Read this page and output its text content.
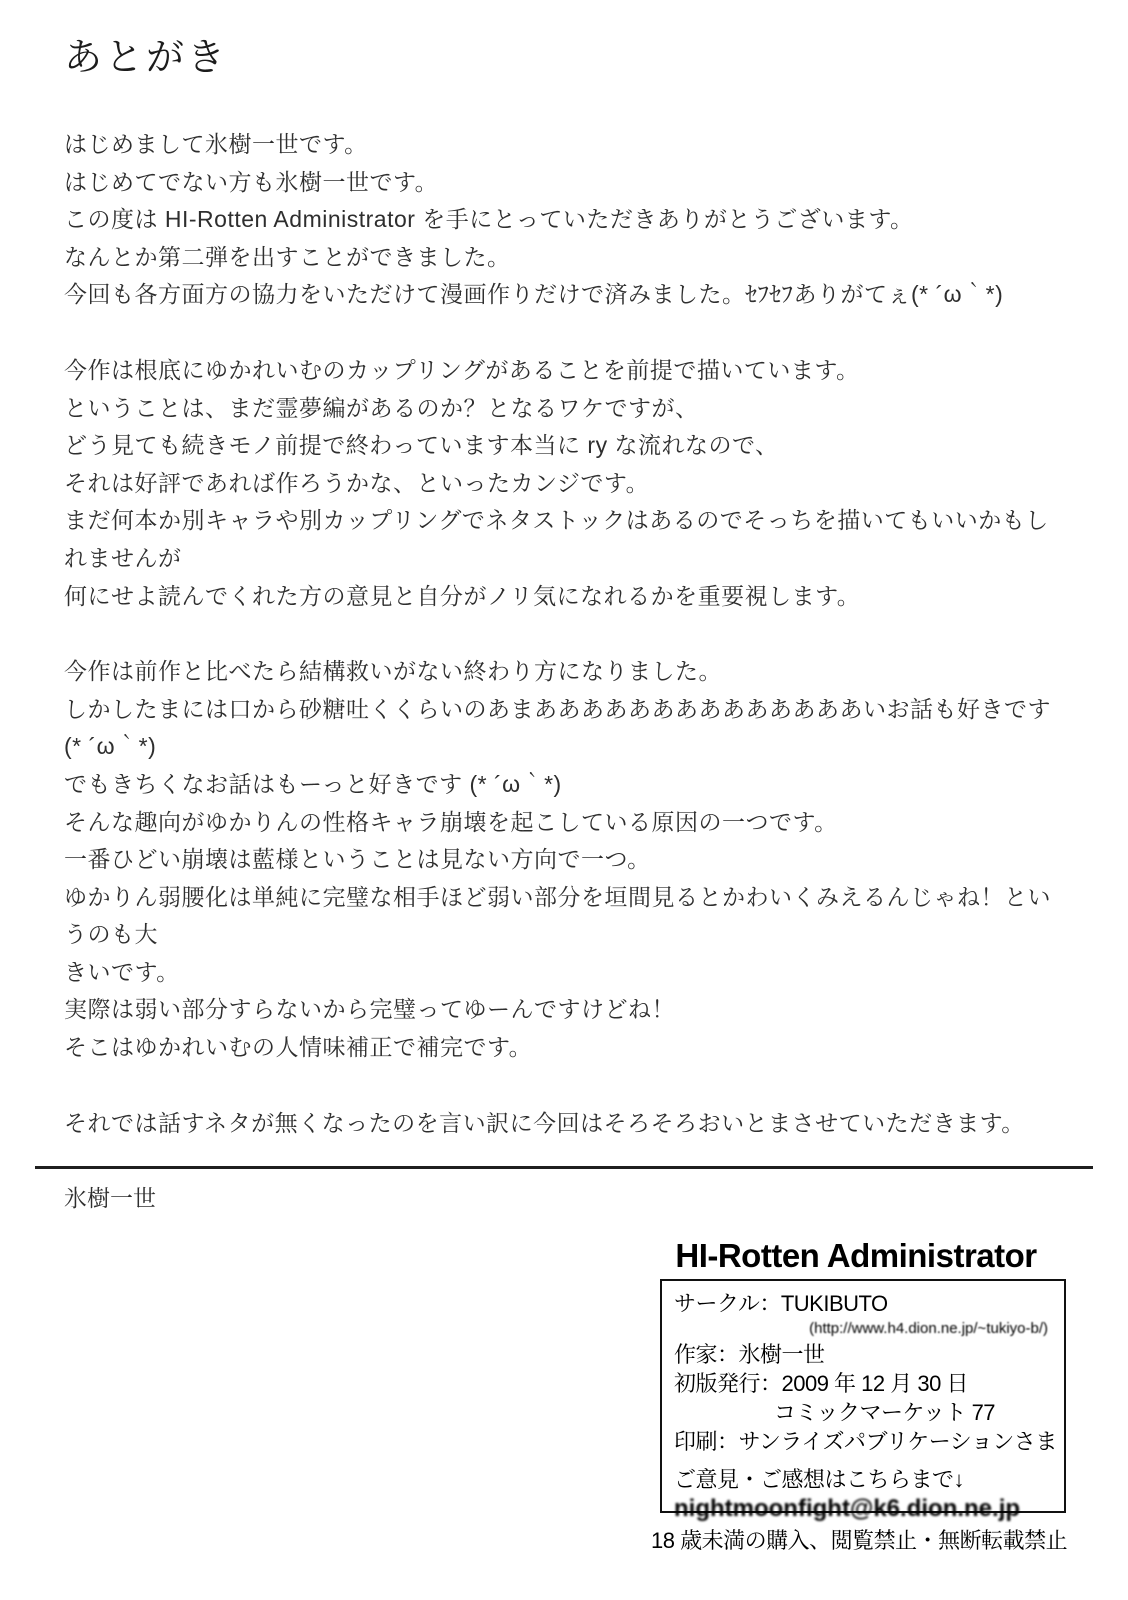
あとがき

はじめまして氷樹一世です。
はじめてでない方も氷樹一世です。
この度は HI-Rotten Administrator を手にとっていただきありがとうございます。
なんとか第二弾を出すことができました。
今回も各方面方の協力をいただけて漫画作りだけで済みました。ｾﾌｾﾌありがてぇ(* ´ω｀*)

今作は根底にゆかれいむのカップリングがあることを前提で描いています。
ということは、まだ霊夢編があるのか？となるワケですが、
どう見ても続きモノ前提で終わっています本当に ry な流れなので、
それは好評であれば作ろうかな、といったカンジです。
まだ何本か別キャラや別カップリングでネタストックはあるのでそっちを描いてもいいかもしれませんが
何にせよ読んでくれた方の意見と自分がノリ気になれるかを重要視します。

今作は前作と比べたら結構救いがない終わり方になりました。
しかしたまには口から砂糖吐くくらいのあまああああああああああああああいお話も好きです (* ´ω｀*)
でもきちくなお話はもーっと好きです (* ´ω｀*)
そんな趣向がゆかりんの性格キャラ崩壊を起こしている原因の一つです。
一番ひどい崩壊は藍様ということは見ない方向で一つ。
ゆかりん弱腰化は単純に完璧な相手ほど弱い部分を垣間見るとかわいくみえるんじゃね！というのも大
きいです。
実際は弱い部分すらないから完璧ってゆーんですけどね！
そこはゆかれいむの人情味補正で補完です。

それでは話すネタが無くなったのを言い訳に今回はそろそろおいとまさせていただきます。

氷樹一世
HI-Rotten Administrator
サークル：TUKIBUTO
(http://www.h4.dion.ne.jp/~tukiyo-b/)
作家：氷樹一世
初版発行：2009 年 12 月 30 日
コミックマーケット 77
印刷：サンライズパブリケーションさま
ご意見・ご感想はこちらまで↓
nightmoonfight@k6.dion.ne.jp
18 歳未満の購入、閲覧禁止・無断転載禁止
